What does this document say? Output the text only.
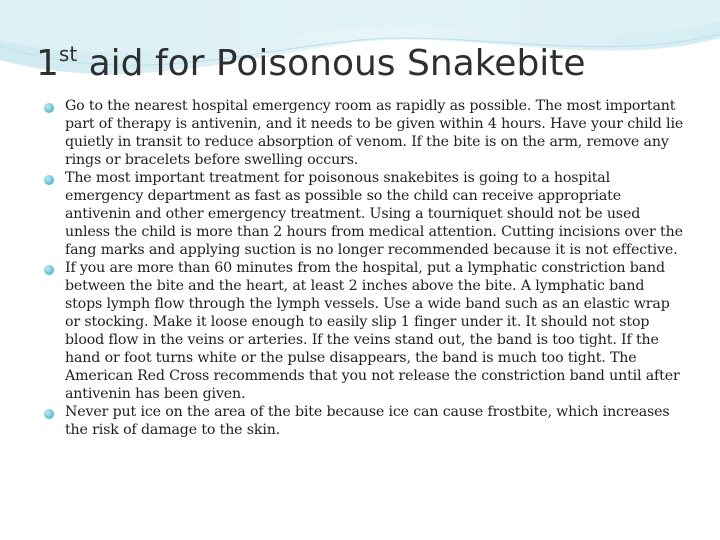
1st aid for Poisonous Snakebite
Go to the nearest hospital emergency room as rapidly as possible. The most important part of therapy is antivenin, and it needs to be given within 4 hours. Have your child lie quietly in transit to reduce absorption of venom. If the bite is on the arm, remove any rings or bracelets before swelling occurs.
The most important treatment for poisonous snakebites is going to a hospital emergency department as fast as possible so the child can receive appropriate antivenin and other emergency treatment. Using a tourniquet should not be used unless the child is more than 2 hours from medical attention. Cutting incisions over the fang marks and applying suction is no longer recommended because it is not effective.
If you are more than 60 minutes from the hospital, put a lymphatic constriction band between the bite and the heart, at least 2 inches above the bite. A lymphatic band stops lymph flow through the lymph vessels. Use a wide band such as an elastic wrap or stocking. Make it loose enough to easily slip 1 finger under it. It should not stop blood flow in the veins or arteries. If the veins stand out, the band is too tight. If the hand or foot turns white or the pulse disappears, the band is much too tight. The American Red Cross recommends that you not release the constriction band until after antivenin has been given.
Never put ice on the area of the bite because ice can cause frostbite, which increases the risk of damage to the skin.
